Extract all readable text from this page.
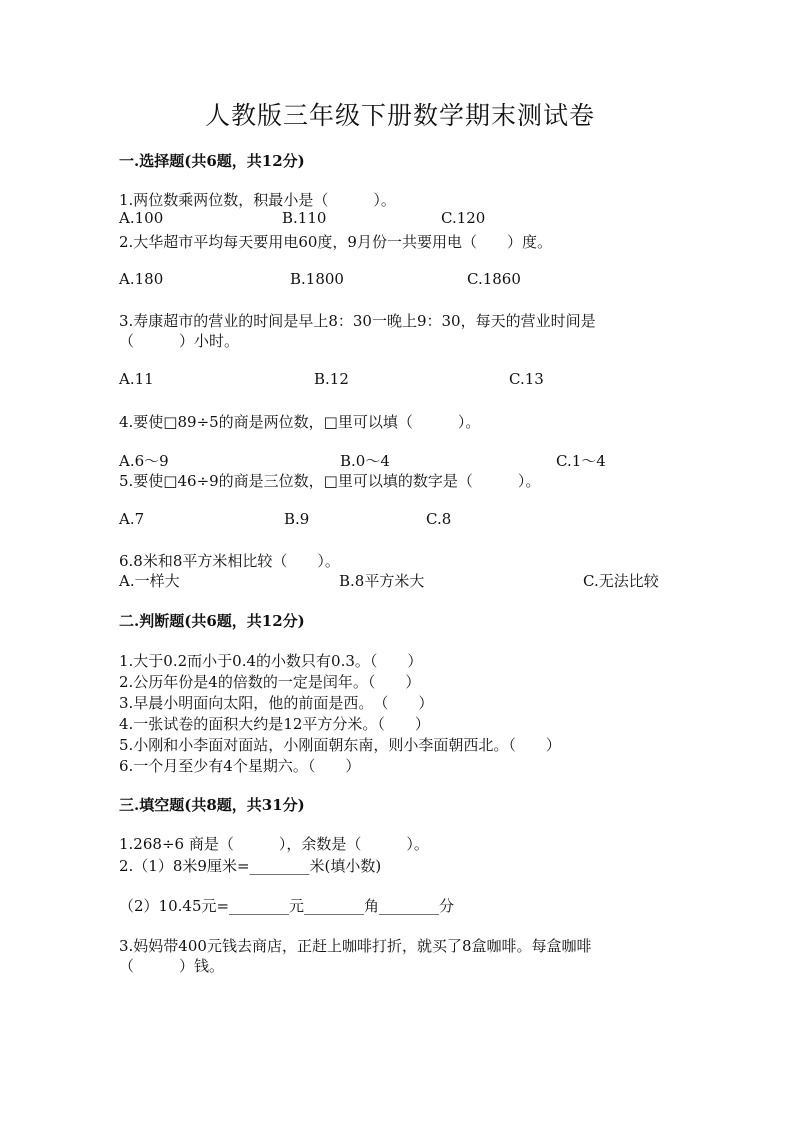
人教版三年级下册数学期末测试卷
一.选择题(共6题，共12分)
1.两位数乘两位数，积最小是（　　　）。
A.100	B.110	C.120
2.大华超市平均每天要用电60度，9月份一共要用电（　　）度。
A.180	B.1800	C.1860
3.寿康超市的营业的时间是早上8：30一晚上9：30，每天的营业时间是
（　　　）小时。
A.11	B.12	C.13
4.要使□89÷5的商是两位数，□里可以填（　　　）。
A.6～9	B.0～4	C.1～4
5.要使□46÷9的商是三位数，□里可以填的数字是（　　　）。
A.7	B.9	C.8
6.8米和8平方米相比较（　　）。
A.一样大	B.8平方米大	C.无法比较
二.判断题(共6题，共12分)
1.大于0.2而小于0.4的小数只有0.3。（　　）
2.公历年份是4的倍数的一定是闰年。（　　）
3.早晨小明面向太阳，他的前面是西。　（　　）
4.一张试卷的面积大约是12平方分米。（　　）
5.小刚和小李面对面站，小刚面朝东南，则小李面朝西北。（　　）
6.一个月至少有4个星期六。（　　）
三.填空题(共8题，共31分)
1.268÷6 商是（　　　），余数是（　　　）。
2.（1）8米9厘米=________米(填小数)
（2）10.45元=________元________角________分
3.妈妈带400元钱去商店，正赶上咖啡打折，就买了8盒咖啡。每盒咖啡
（　　　）钱。
